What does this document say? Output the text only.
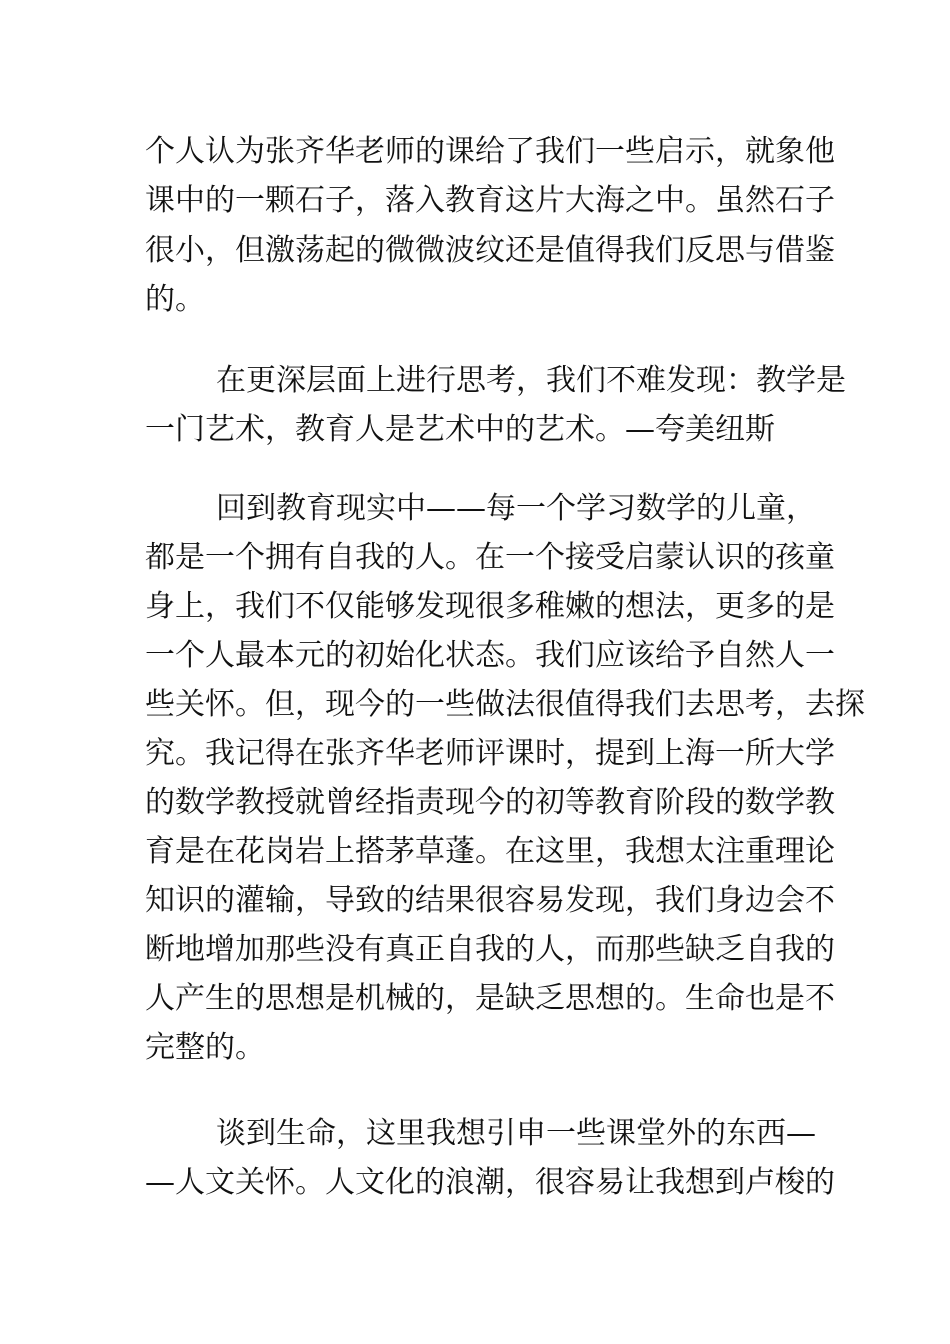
个人认为张齐华老师的课给了我们一些启示，就象他

课中的一颗石子，落入教育这片大海之中。虽然石子

很小，但激荡起的微微波纹还是值得我们反思与借鉴

的。

在更深层面上进行思考，我们不难发现：教学是

一门艺术，教育人是艺术中的艺术。—夸美纽斯

回到教育现实中——每一个学习数学的儿童，

都是一个拥有自我的人。在一个接受启蒙认识的孩童

身上，我们不仅能够发现很多稚嫩的想法，更多的是

一个人最本元的初始化状态。我们应该给予自然人一

些关怀。但，现今的一些做法很值得我们去思考，去探

究。我记得在张齐华老师评课时，提到上海一所大学

的数学教授就曾经指责现今的初等教育阶段的数学教

育是在花岗岩上搭茅草蓬。在这里，我想太注重理论

知识的灌输，导致的结果很容易发现，我们身边会不

断地增加那些没有真正自我的人，而那些缺乏自我的

人产生的思想是机械的，是缺乏思想的。生命也是不

完整的。

谈到生命，这里我想引申一些课堂外的东西—

—人文关怀。人文化的浪潮，很容易让我想到卢梭的
